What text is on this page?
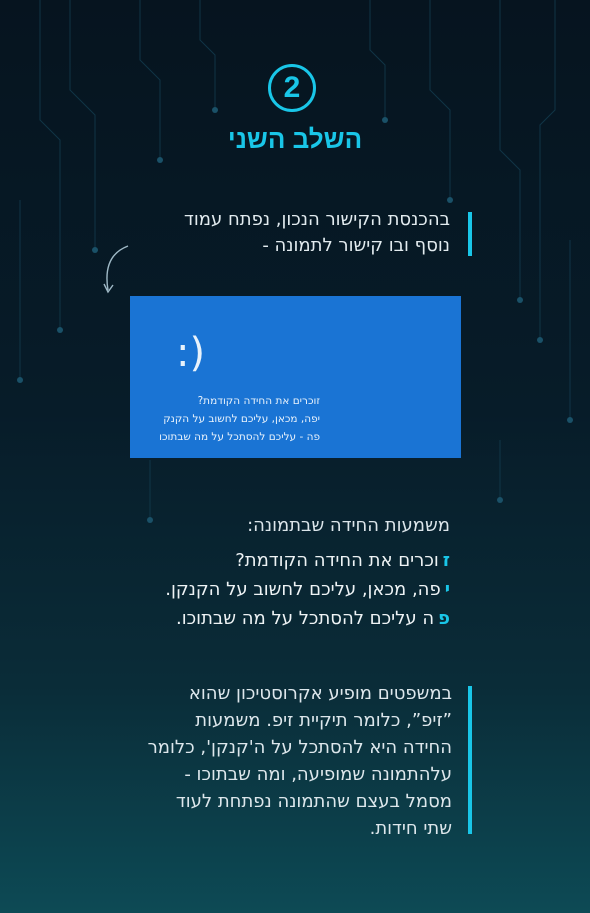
2
השלב השני
בהכנסת הקישור הנכון, נפתח עמוד
נוסף ובו קישור לתמונה -
:)
זוכרים את החידה הקודמת?
יפה, מכאן, עליכם לחשוב על הקנק
פה - עליכם להסתכל על מה שבתוכו
משמעות החידה שבתמונה:
זוכרים את החידה הקודמת?
יפה, מכאן, עליכם לחשוב על הקנקן.
פה עליכם להסתכל על מה שבתוכו.
במשפטים מופיע אקרוסטיכון שהוא
”זיפ”, כלומר תיקיית זיפ. משמעות
החידה היא להסתכל על ה'קנקן', כלומר
עלהתמונה שמופיעה, ומה שבתוכו -
מסמל בעצם שהתמונה נפתחת לעוד
שתי חידות.
